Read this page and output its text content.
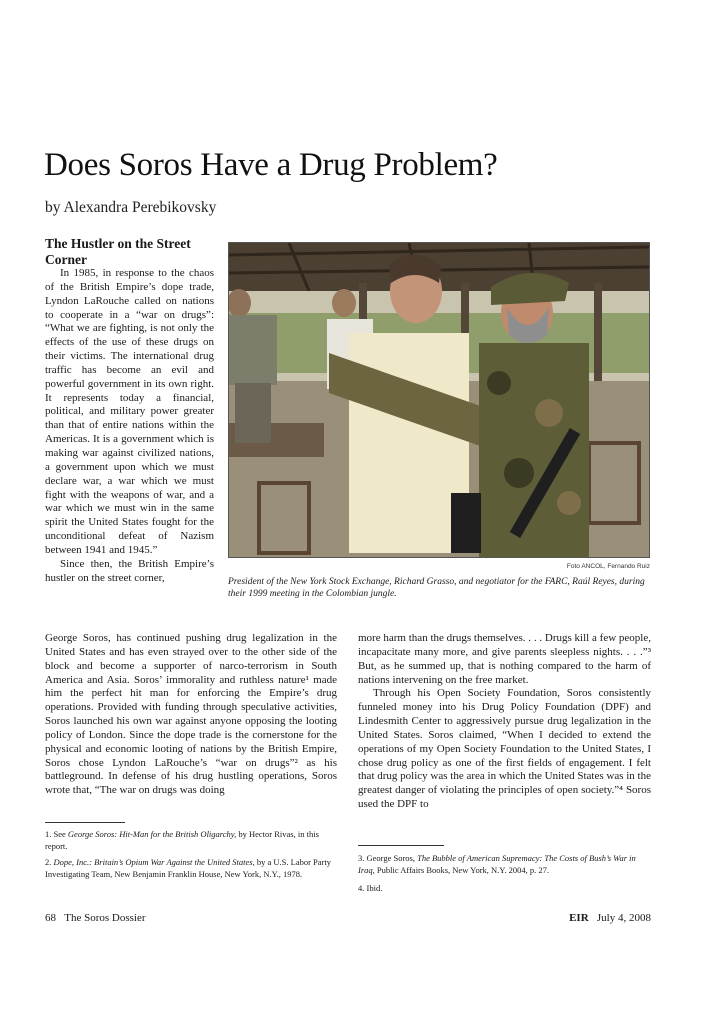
Does Soros Have a Drug Problem?
by Alexandra Perebikovsky
The Hustler on the Street Corner

In 1985, in response to the chaos of the British Empire’s dope trade, Lyndon LaRouche called on nations to cooperate in a “war on drugs”: “What we are fighting, is not only the effects of the use of these drugs on their victims. The international drug traffic has become an evil and powerful government in its own right. It represents today a financial, political, and military power greater than that of entire nations within the Americas. It is a government which is making war against civilized nations, a government upon which we must declare war, a war which we must fight with the weapons of war, and a war which we must win in the same spirit the United States fought for the unconditional defeat of Nazism between 1941 and 1945.”

Since then, the British Empire’s hustler on the street corner,

Foto ANCOL, Fernando Ruiz
President of the New York Stock Exchange, Richard Grasso, and negotiator for the FARC, Raúl Reyes, during their 1999 meeting in the Colombian jungle.

George Soros, has continued pushing drug legalization in the United States and has even strayed over to the other side of the block and become a supporter of narco-terrorism in South America and Asia. Soros’ immorality and ruthless nature¹ made him the perfect hit man for enforcing the Empire’s drug operations. Provided with funding through speculative activities, Soros launched his own war against anyone opposing the looting policy of London. Since the dope trade is the cornerstone for the physical and economic looting of nations by the British Empire, Soros chose Lyndon LaRouche’s “war on drugs”² as his battleground. In defense of his drug hustling operations, Soros wrote that, “The war on drugs was doing

more harm than the drugs themselves. . . . Drugs kill a few people, incapacitate many more, and give parents sleepless nights. . . .”³ But, as he summed up, that is nothing compared to the harm of nations intervening on the free market.

Through his Open Society Foundation, Soros consistently funneled money into his Drug Policy Foundation (DPF) and Lindesmith Center to aggressively pursue drug legalization in the United States. Soros claimed, “When I decided to extend the operations of my Open Society Foundation to the United States, I chose drug policy as one of the first fields of engagement. I felt that drug policy was the area in which the United States was in the greatest danger of violating the principles of open society.”⁴ Soros used the DPF to

1. See George Soros: Hit-Man for the British Oligarchy, by Hector Rivas, in this report.
2. Dope, Inc.: Britain’s Opium War Against the United States, by a U.S. Labor Party Investigating Team, New Benjamin Franklin House, New York, N.Y., 1978.
3. George Soros, The Bubble of American Supremacy: The Costs of Bush’s War in Iraq, Public Affairs Books, New York, N.Y. 2004, p. 27.
4. Ibid.
68 The Soros Dossier	EIR July 4, 2008
